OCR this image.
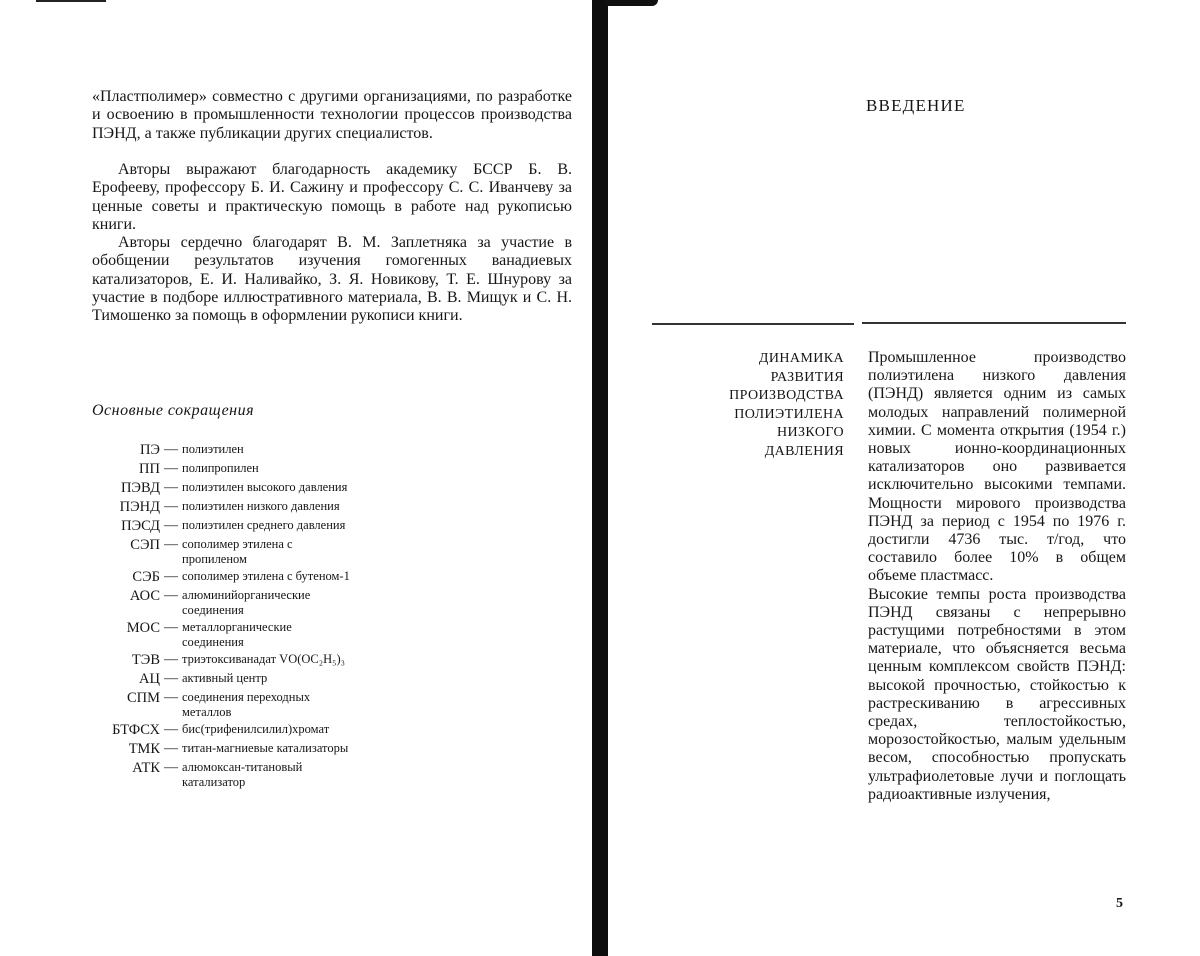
«Пластполимер» совместно с другими организациями, по разработке и освоению в промышленности технологии процессов производства ПЭНД, а также публикации других специалистов.

Авторы выражают благодарность академику БССР Б. В. Ерофееву, профессору Б. И. Сажину и профессору С. С. Иванчеву за ценные советы и практическую помощь в работе над рукописью книги.

Авторы сердечно благодарят В. М. Заплетняка за участие в обобщении результатов изучения гомогенных ванадиевых катализаторов, Е. И. Наливайко, З. Я. Новикову, Т. Е. Шнурову за участие в подборе иллюстративного материала, В. В. Мищук и С. Н. Тимошенко за помощь в оформлении рукописи книги.

Основные сокращения
ПЭ — полиэтилен
ПП — полипропилен
ПЭВД — полиэтилен высокого давления
ПЭНД — полиэтилен низкого давления
ПЭСД — полиэтилен среднего давления
СЭП — сополимер этилена с пропиленом
СЭБ — сополимер этилена с бутеном-1
АОС — алюминийорганические соединения
МОС — металлорганические соединения
ТЭВ — триэтоксиванадат VO(OC₂H₅)₃
АЦ — активный центр
СПМ — соединения переходных металлов
БТФСХ — бис(трифенилсилил)хромат
ТМК — титан-магниевые катализаторы
АТК — алюмоксан-титановый катализатор
ВВЕДЕНИЕ
ДИНАМИКА
РАЗВИТИЯ
ПРОИЗВОДСТВА
ПОЛИЭТИЛЕНА
НИЗКОГО
ДАВЛЕНИЯ

Промышленное производство полиэтилена низкого давления (ПЭНД) является одним из самых молодых направлений полимерной химии. С момента открытия (1954 г.) новых ионно-координационных катализаторов оно развивается исключительно высокими темпами. Мощности мирового производства ПЭНД за период с 1954 по 1976 г. достигли 4736 тыс. т/год, что составило более 10% в общем объеме пластмасс.

Высокие темпы роста производства ПЭНД связаны с непрерывно растущими потребностями в этом материале, что объясняется весьма ценным комплексом свойств ПЭНД: высокой прочностью, стойкостью к растрескиванию в агрессивных средах, теплостойкостью, морозостойкостью, малым удельным весом, способностью пропускать ультрафиолетовые лучи и поглощать радиоактивные излучения,

5
